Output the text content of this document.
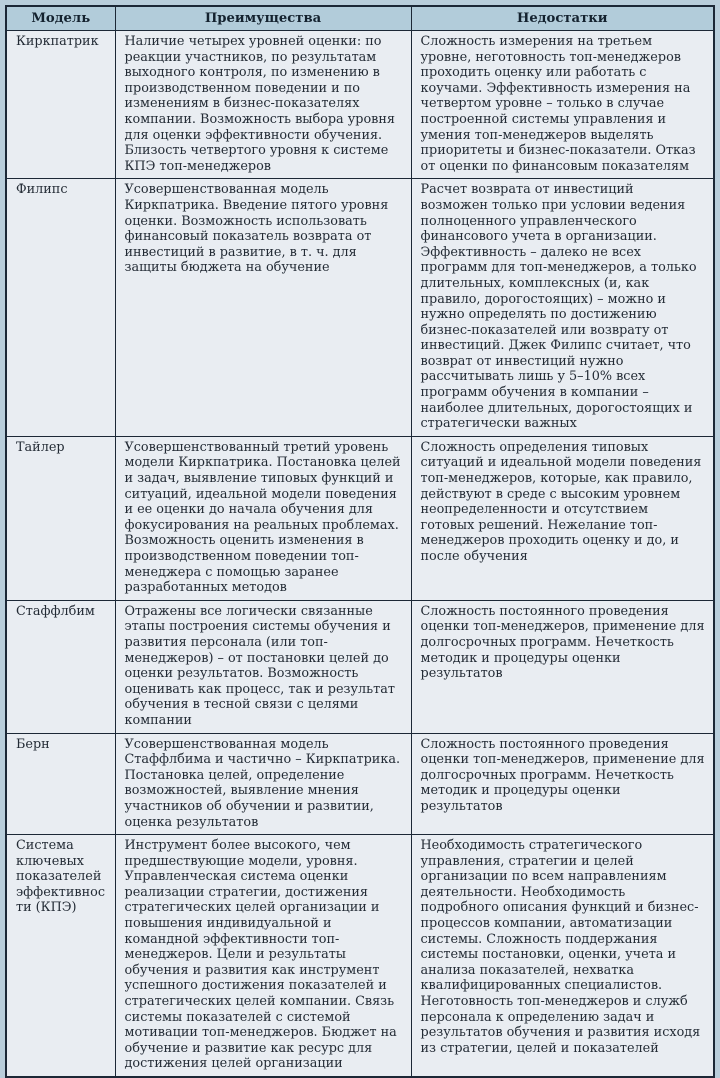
Модель	Преимущества	Недостатки
Киркпатрик	Наличие четырех уровней оценки: по реакции участников, по результатам выходного контроля, по изменению в производственном поведении и по изменениям в бизнес-показателях компании. Возможность выбора уровня для оценки эффективности обучения. Близость четвертого уровня к системе КПЭ топ-менеджеров	Сложность измерения на третьем уровне, неготовность топ-менеджеров проходить оценку или работать с коучами. Эффективность измерения на четвертом уровне – только в случае построенной системы управления и умения топ-менеджеров выделять приоритеты и бизнес-показатели. Отказ от оценки по финансовым показателям
Филипс	Усовершенствованная модель Киркпатрика. Введение пятого уровня оценки. Возможность использовать финансовый показатель возврата от инвестиций в развитие, в т. ч. для защиты бюджета на обучение	Расчет возврата от инвестиций возможен только при условии ведения полноценного управленческого финансового учета в организации. Эффективность – далеко не всех программ для топ-менеджеров, а только длительных, комплексных (и, как правило, дорогостоящих) – можно и нужно определять по достижению бизнес-показателей или возврату от инвестиций. Джек Филипс считает, что возврат от инвестиций нужно рассчитывать лишь у 5–10% всех программ обучения в компании – наиболее длительных, дорогостоящих и стратегически важных
Тайлер	Усовершенствованный третий уровень модели Киркпатрика. Постановка целей и задач, выявление типовых функций и ситуаций, идеальной модели поведения и ее оценки до начала обучения для фокусирования на реальных проблемах. Возможность оценить изменения в производственном поведении топ-менеджера с помощью заранее разработанных методов	Сложность определения типовых ситуаций и идеальной модели поведения топ-менеджеров, которые, как правило, действуют в среде с высоким уровнем неопределенности и отсутствием готовых решений. Нежелание топ-менеджеров проходить оценку и до, и после обучения
Стаффлбим	Отражены все логически связанные этапы построения системы обучения и развития персонала (или топ-менеджеров) – от постановки целей до оценки результатов. Возможность оценивать как процесс, так и результат обучения в тесной связи с целями компании	Сложность постоянного проведения оценки топ-менеджеров, применение для долгосрочных программ. Нечеткость методик и процедуры оценки результатов
Берн	Усовершенствованная модель Стаффлбима и частично – Киркпатрика. Постановка целей, определение возможностей, выявление мнения участников об обучении и развитии, оценка результатов	Сложность постоянного проведения оценки топ-менеджеров, применение для долгосрочных программ. Нечеткость методик и процедуры оценки результатов
Система ключевых показателей эффективности (КПЭ)	Инструмент более высокого, чем предшествующие модели, уровня. Управленческая система оценки реализации стратегии, достижения стратегических целей организации и повышения индивидуальной и командной эффективности топ-менеджеров. Цели и результаты обучения и развития как инструмент успешного достижения показателей и стратегических целей компании. Связь системы показателей с системой мотивации топ-менеджеров. Бюджет на обучение и развитие как ресурс для достижения целей организации	Необходимость стратегического управления, стратегии и целей организации по всем направлениям деятельности. Необходимость подробного описания функций и бизнес-процессов компании, автоматизации системы. Сложность поддержания системы постановки, оценки, учета и анализа показателей, нехватка квалифицированных специалистов. Неготовность топ-менеджеров и служб персонала к определению задач и результатов обучения и развития исходя из стратегии, целей и показателей
